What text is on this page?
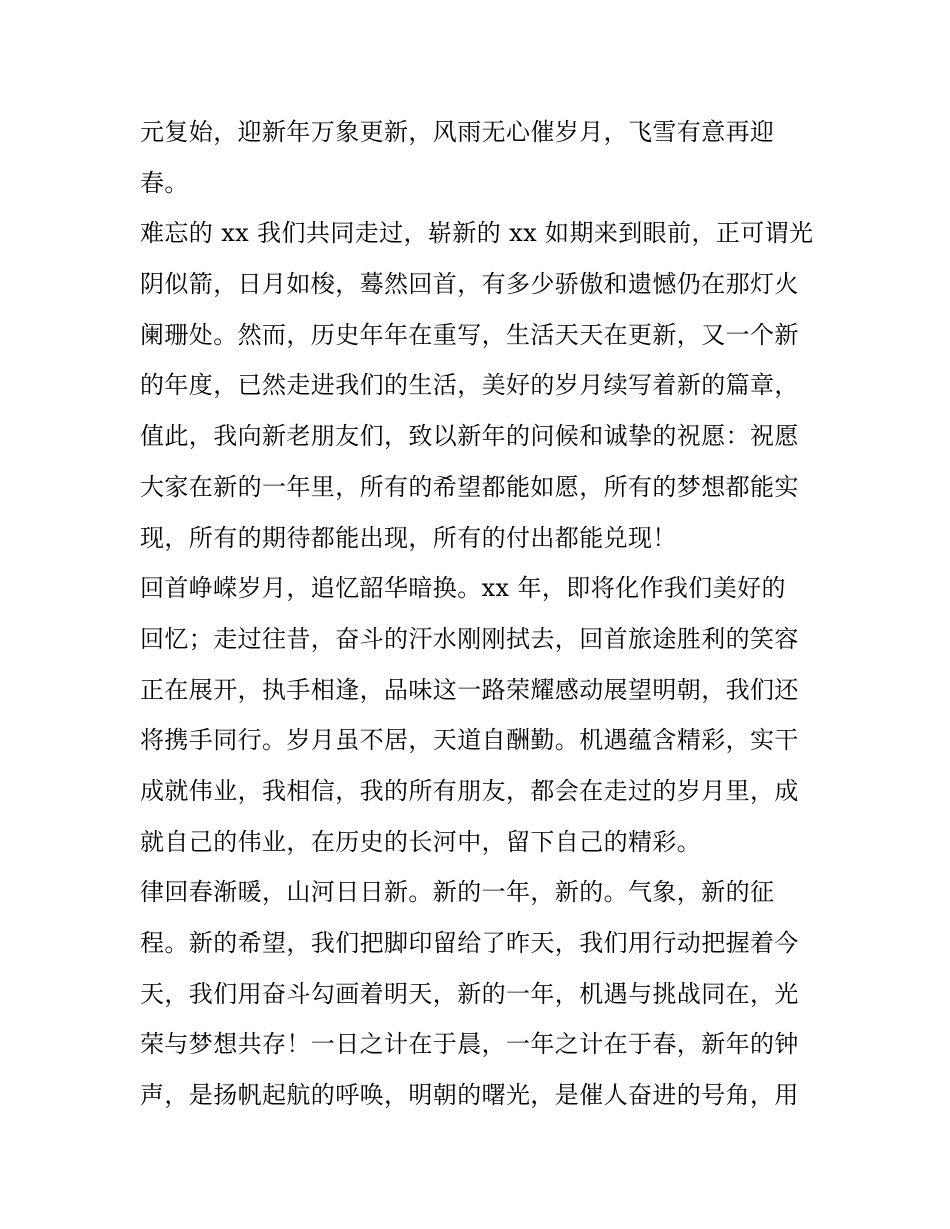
元复始，迎新年万象更新，风雨无心催岁月，飞雪有意再迎
春。
难忘的 xx 我们共同走过，崭新的 xx 如期来到眼前，正可谓光
阴似箭，日月如梭，蓦然回首，有多少骄傲和遗憾仍在那灯火
阑珊处。然而，历史年年在重写，生活天天在更新，又一个新
的年度，已然走进我们的生活，美好的岁月续写着新的篇章，
值此，我向新老朋友们，致以新年的问候和诚挚的祝愿：祝愿
大家在新的一年里，所有的希望都能如愿，所有的梦想都能实
现，所有的期待都能出现，所有的付出都能兑现！
回首峥嵘岁月，追忆韶华暗换。xx 年，即将化作我们美好的
回忆；走过往昔，奋斗的汗水刚刚拭去，回首旅途胜利的笑容
正在展开，执手相逢，品味这一路荣耀感动展望明朝，我们还
将携手同行。岁月虽不居，天道自酬勤。机遇蕴含精彩，实干
成就伟业，我相信，我的所有朋友，都会在走过的岁月里，成
就自己的伟业，在历史的长河中，留下自己的精彩。
律回春渐暖，山河日日新。新的一年，新的。气象，新的征
程。新的希望，我们把脚印留给了昨天，我们用行动把握着今
天，我们用奋斗勾画着明天，新的一年，机遇与挑战同在，光
荣与梦想共存！一日之计在于晨，一年之计在于春，新年的钟
声，是扬帆起航的呼唤，明朝的曙光，是催人奋进的号角，用
